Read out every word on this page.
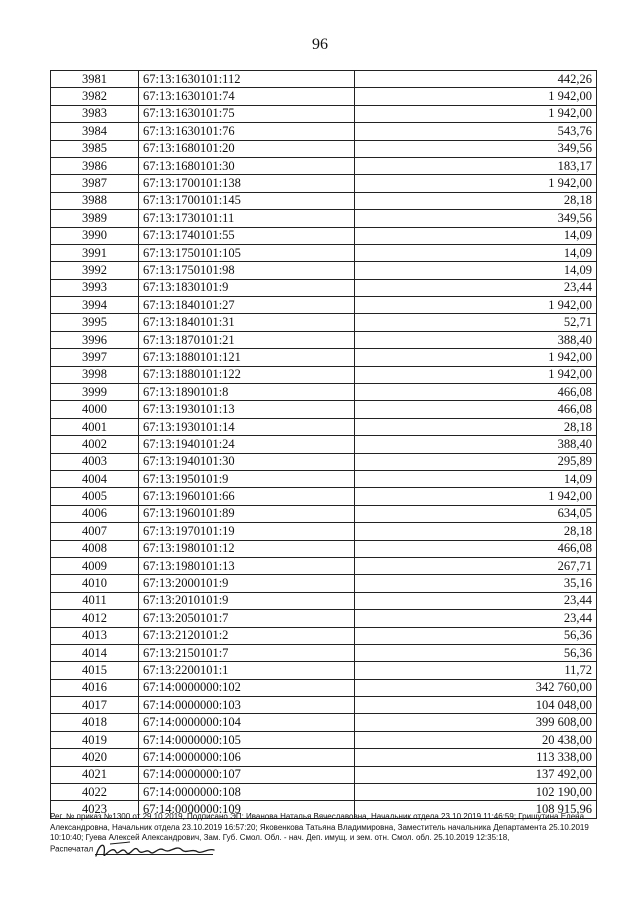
96
3981	67:13:1630101:112	442,26
3982	67:13:1630101:74	1 942,00
3983	67:13:1630101:75	1 942,00
3984	67:13:1630101:76	543,76
3985	67:13:1680101:20	349,56
3986	67:13:1680101:30	183,17
3987	67:13:1700101:138	1 942,00
3988	67:13:1700101:145	28,18
3989	67:13:1730101:11	349,56
3990	67:13:1740101:55	14,09
3991	67:13:1750101:105	14,09
3992	67:13:1750101:98	14,09
3993	67:13:1830101:9	23,44
3994	67:13:1840101:27	1 942,00
3995	67:13:1840101:31	52,71
3996	67:13:1870101:21	388,40
3997	67:13:1880101:121	1 942,00
3998	67:13:1880101:122	1 942,00
3999	67:13:1890101:8	466,08
4000	67:13:1930101:13	466,08
4001	67:13:1930101:14	28,18
4002	67:13:1940101:24	388,40
4003	67:13:1940101:30	295,89
4004	67:13:1950101:9	14,09
4005	67:13:1960101:66	1 942,00
4006	67:13:1960101:89	634,05
4007	67:13:1970101:19	28,18
4008	67:13:1980101:12	466,08
4009	67:13:1980101:13	267,71
4010	67:13:2000101:9	35,16
4011	67:13:2010101:9	23,44
4012	67:13:2050101:7	23,44
4013	67:13:2120101:2	56,36
4014	67:13:2150101:7	56,36
4015	67:13:2200101:1	11,72
4016	67:14:0000000:102	342 760,00
4017	67:14:0000000:103	104 048,00
4018	67:14:0000000:104	399 608,00
4019	67:14:0000000:105	20 438,00
4020	67:14:0000000:106	113 338,00
4021	67:14:0000000:107	137 492,00
4022	67:14:0000000:108	102 190,00
4023	67:14:0000000:109	108 915,96
Рег. № приказ №1300 от 29.10.2019, Подписано ЭП: Иванова Наталья Вячеславовна, Начальник отдела 23.10.2019 11:46:59; Гришутина Елена
Александровна, Начальник отдела 23.10.2019 16:57:20; Яковенкова Татьяна Владимировна, Заместитель начальника Департамента 25.10.2019
10:10:40; Гуева Алексей Александрович, Зам. Губ. Смол. Обл. - нач. Деп. имущ. и зем. отн. Смол. обл. 25.10.2019 12:35:18,
Распечатал
